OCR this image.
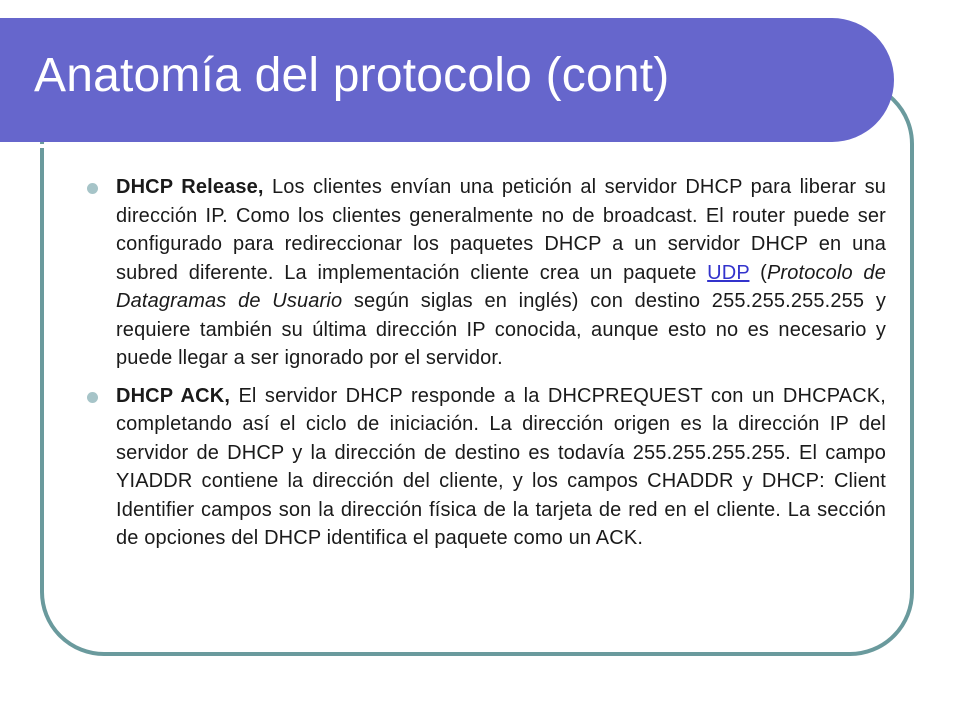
Anatomía del protocolo (cont)
DHCP Release, Los clientes envían una petición al servidor DHCP para liberar su dirección IP. Como los clientes generalmente no de broadcast. El router puede ser configurado para redireccionar los paquetes DHCP a un servidor DHCP en una subred diferente. La implementación cliente crea un paquete UDP (Protocolo de Datagramas de Usuario según siglas en inglés) con destino 255.255.255.255 y requiere también su última dirección IP conocida, aunque esto no es necesario y puede llegar a ser ignorado por el servidor.
DHCP ACK, El servidor DHCP responde a la DHCPREQUEST con un DHCPACK, completando así el ciclo de iniciación. La dirección origen es la dirección IP del servidor de DHCP y la dirección de destino es todavía 255.255.255.255. El campo YIADDR contiene la dirección del cliente, y los campos CHADDR y DHCP: Client Identifier campos son la dirección física de la tarjeta de red en el cliente. La sección de opciones del DHCP identifica el paquete como un ACK.
